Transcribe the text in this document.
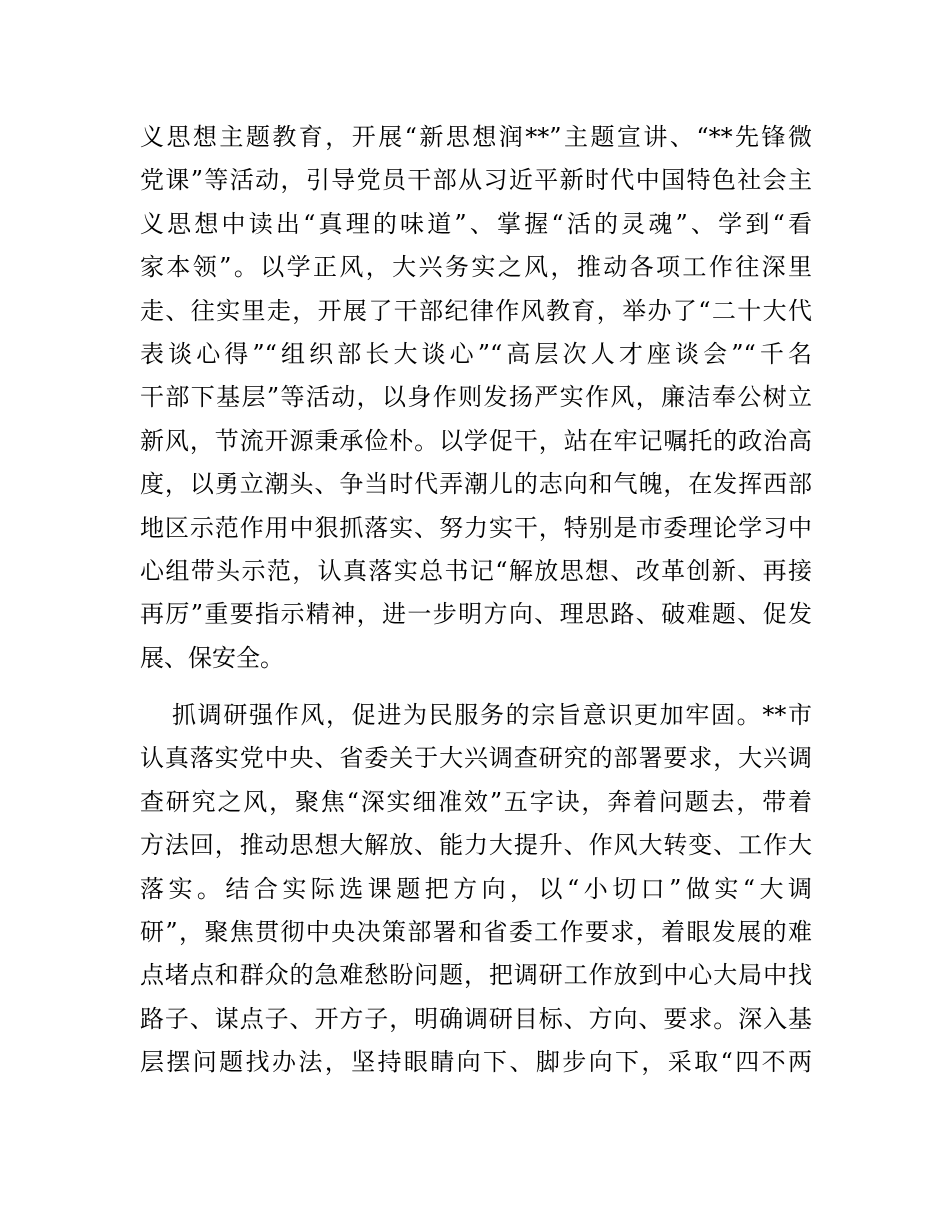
义思想主题教育，开展“新思想润**”主题宣讲、“**先锋微
党课”等活动，引导党员干部从习近平新时代中国特色社会主
义思想中读出“真理的味道”、掌握“活的灵魂”、学到“看
家本领”。以学正风，大兴务实之风，推动各项工作往深里
走、往实里走，开展了干部纪律作风教育，举办了“二十大代
表谈心得”“组织部长大谈心”“高层次人才座谈会”“千名
干部下基层”等活动，以身作则发扬严实作风，廉洁奉公树立
新风，节流开源秉承俭朴。以学促干，站在牢记嘱托的政治高
度，以勇立潮头、争当时代弄潮儿的志向和气魄，在发挥西部
地区示范作用中狠抓落实、努力实干，特别是市委理论学习中
心组带头示范，认真落实总书记“解放思想、改革创新、再接
再厉”重要指示精神，进一步明方向、理思路、破难题、促发
展、保安全。
抓调研强作风，促进为民服务的宗旨意识更加牢固。**市
认真落实党中央、省委关于大兴调查研究的部署要求，大兴调
查研究之风，聚焦“深实细准效”五字诀，奔着问题去，带着
方法回，推动思想大解放、能力大提升、作风大转变、工作大
落实。结合实际选课题把方向，以“小切口”做实“大调
研”，聚焦贯彻中央决策部署和省委工作要求，着眼发展的难
点堵点和群众的急难愁盼问题，把调研工作放到中心大局中找
路子、谋点子、开方子，明确调研目标、方向、要求。深入基
层摆问题找办法，坚持眼睛向下、脚步向下，采取“四不两
